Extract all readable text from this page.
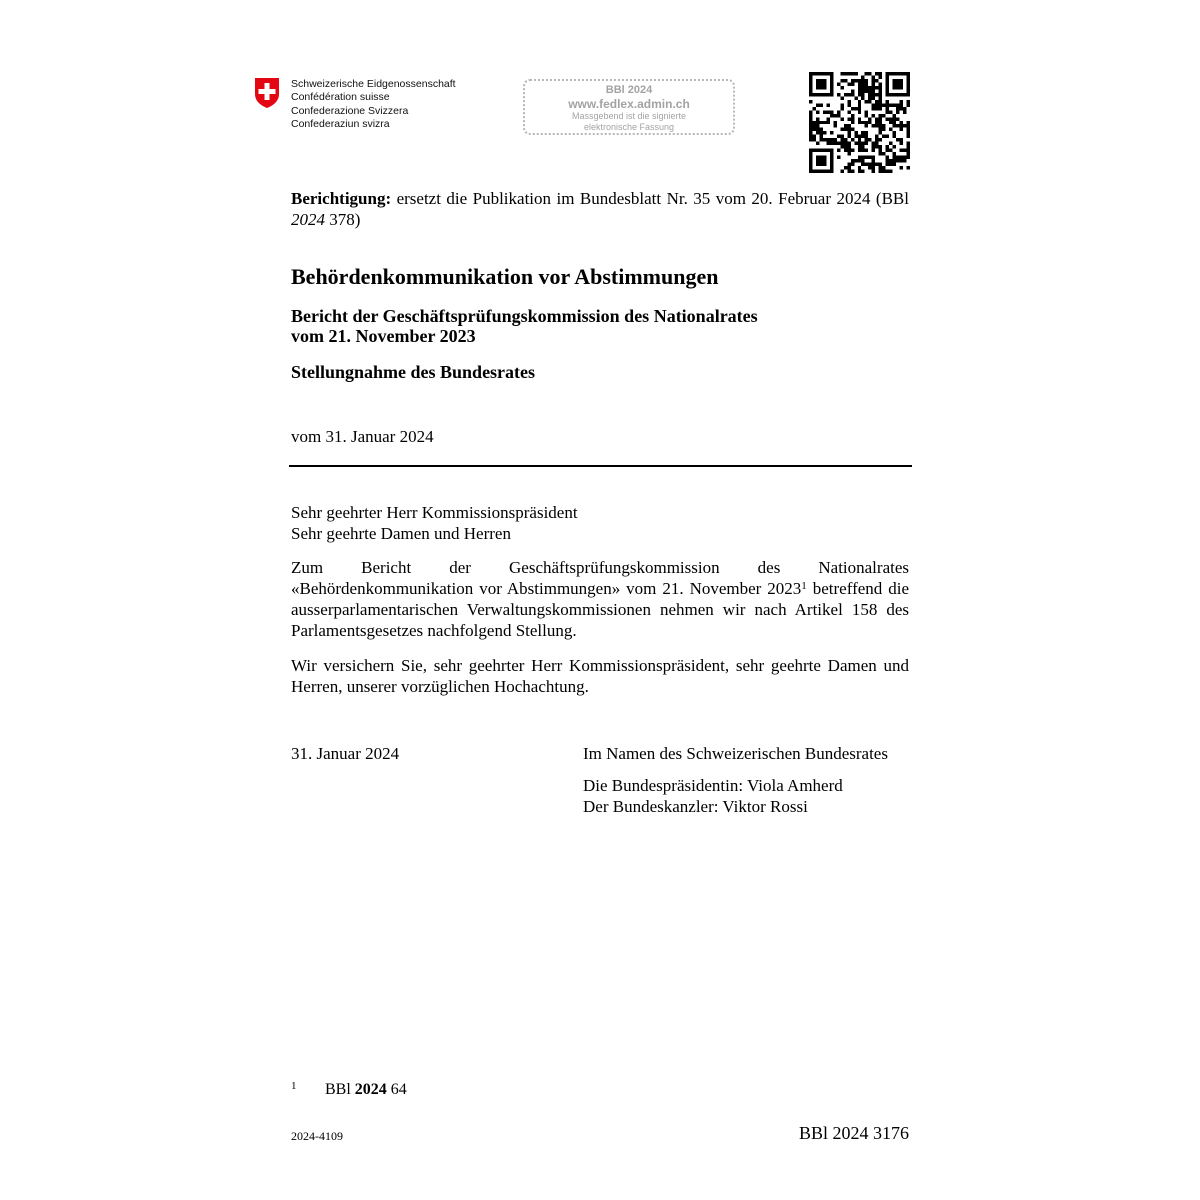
Schweizerische Eidgenossenschaft
Confédération suisse
Confederazione Svizzera
Confederaziun svizra
BBl 2024
www.fedlex.admin.ch
Massgebend ist die signierte
elektronische Fassung
Berichtigung: ersetzt die Publikation im Bundesblatt Nr. 35 vom 20. Februar 2024 (BBl 2024 378)
Behördenkommunikation vor Abstimmungen
Bericht der Geschäftsprüfungskommission des Nationalrates
vom 21. November 2023
Stellungnahme des Bundesrates
vom 31. Januar 2024
Sehr geehrter Herr Kommissionspräsident
Sehr geehrte Damen und Herren
Zum Bericht der Geschäftsprüfungskommission des Nationalrates «Behördenkommunikation vor Abstimmungen» vom 21. November 2023$^1$ betreffend die ausserparlamentarischen Verwaltungskommissionen nehmen wir nach Artikel 158 des Parlamentsgesetzes nachfolgend Stellung.
Wir versichern Sie, sehr geehrter Herr Kommissionspräsident, sehr geehrte Damen und Herren, unserer vorzüglichen Hochachtung.
31. Januar 2024	Im Namen des Schweizerischen Bundesrates
Die Bundespräsidentin: Viola Amherd
Der Bundeskanzler: Viktor Rossi
1 BBl 2024 64
2024-4109	BBl 2024 3176
